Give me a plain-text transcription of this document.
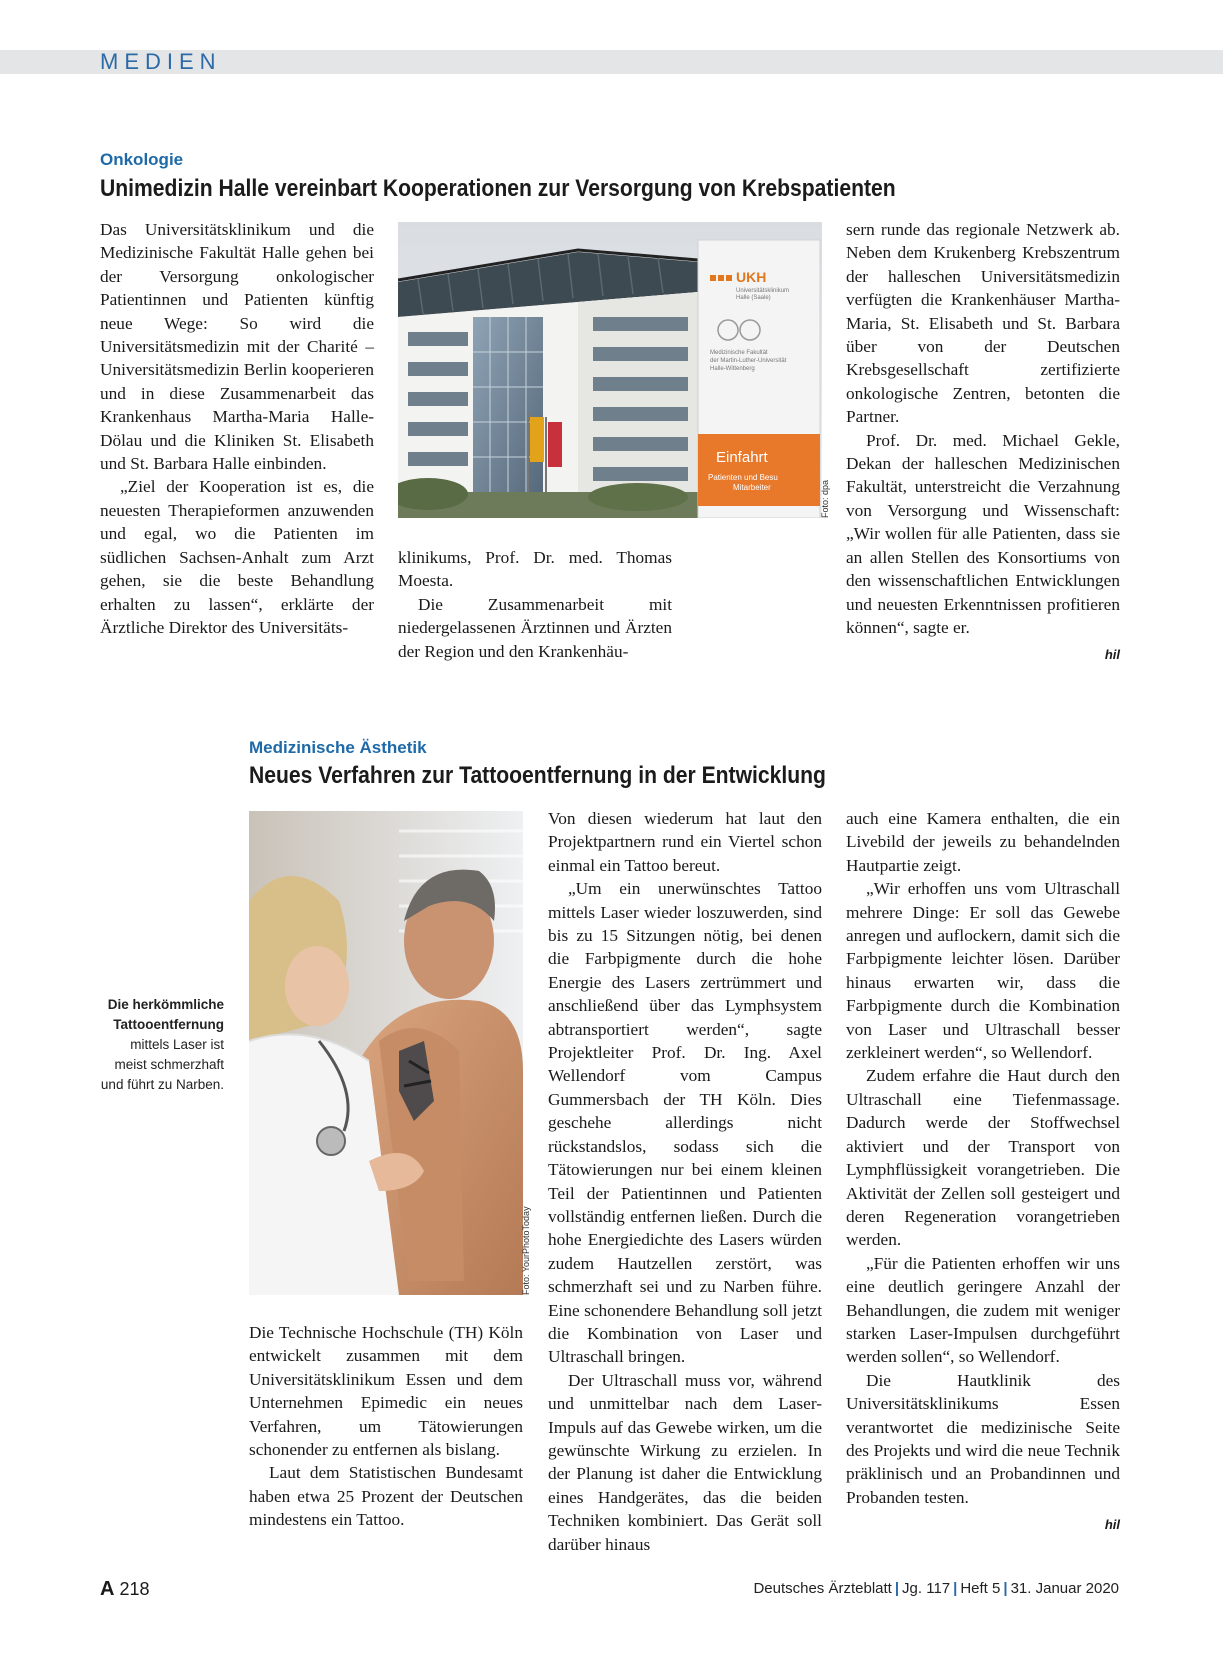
MEDIEN
Onkologie
Unimedizin Halle vereinbart Kooperationen zur Versorgung von Krebspatienten

Das Universitätsklinikum und die Medizinische Fakultät Halle gehen bei der Versorgung onkologischer Patientinnen und Patienten künftig neue Wege: So wird die Universitätsmedizin mit der Charité – Universitätsmedizin Berlin kooperieren und in diese Zusammenarbeit das Krankenhaus Martha-Maria Halle-Dölau und die Kliniken St. Elisabeth und St. Barbara Halle einbinden.

„Ziel der Kooperation ist es, die neuesten Therapieformen anzuwenden und egal, wo die Patienten im südlichen Sachsen-Anhalt zum Arzt gehen, sie die beste Behandlung erhalten zu lassen“, erklärte der Ärztliche Direktor des Universitäts-

UKH
Universitätsklinikum
Halle (Saale)
Medizinische Fakultät
der Martin-Luther-Universität
Halle-Wittenberg
Einfahrt
Patienten und Besu
Mitarbeiter	Foto: dpa

klinikums, Prof. Dr. med. Thomas Moesta.

Die Zusammenarbeit mit niedergelassenen Ärztinnen und Ärzten der Region und den Krankenhäu-

sern runde das regionale Netzwerk ab. Neben dem Krukenberg Krebszentrum der halleschen Universitätsmedizin verfügten die Krankenhäuser Martha-Maria, St. Elisabeth und St. Barbara über von der Deutschen Krebsgesellschaft zertifizierte onkologische Zentren, betonten die Partner.

Prof. Dr. med. Michael Gekle, Dekan der halleschen Medizinischen Fakultät, unterstreicht die Verzahnung von Versorgung und Wissenschaft: „Wir wollen für alle Patienten, dass sie an allen Stellen des Konsortiums von den wissenschaftlichen Entwicklungen und neuesten Erkenntnissen profitieren können“, sagte er.

hil
Medizinische Ästhetik
Neues Verfahren zur Tattooentfernung in der Entwicklung
Die herkömmliche
Tattooentfernung
mittels Laser ist
meist schmerzhaft
und führt zu Narben.
Foto: YourPhotoToday

Die Technische Hochschule (TH) Köln entwickelt zusammen mit dem Universitätsklinikum Essen und dem Unternehmen Epimedic ein neues Verfahren, um Tätowierungen schonender zu entfernen als bislang.

Laut dem Statistischen Bundesamt haben etwa 25 Prozent der Deutschen mindestens ein Tattoo.

Von diesen wiederum hat laut den Projektpartnern rund ein Viertel schon einmal ein Tattoo bereut.

„Um ein unerwünschtes Tattoo mittels Laser wieder loszuwerden, sind bis zu 15 Sitzungen nötig, bei denen die Farbpigmente durch die hohe Energie des Lasers zertrümmert und anschließend über das Lymphsystem abtransportiert werden“, sagte Projektleiter Prof. Dr. Ing. Axel Wellendorf vom Campus Gummersbach der TH Köln. Dies geschehe allerdings nicht rückstandslos, sodass sich die Tätowierungen nur bei einem kleinen Teil der Patientinnen und Patienten vollständig entfernen ließen. Durch die hohe Energiedichte des Lasers würden zudem Hautzellen zerstört, was schmerzhaft sei und zu Narben führe. Eine schonendere Behandlung soll jetzt die Kombination von Laser und Ultraschall bringen.

Der Ultraschall muss vor, während und unmittelbar nach dem Laser-Impuls auf das Gewebe wirken, um die gewünschte Wirkung zu erzielen. In der Planung ist daher die Entwicklung eines Handgerätes, das die beiden Techniken kombiniert. Das Gerät soll darüber hinaus

auch eine Kamera enthalten, die ein Livebild der jeweils zu behandelnden Hautpartie zeigt.

„Wir erhoffen uns vom Ultraschall mehrere Dinge: Er soll das Gewebe anregen und auflockern, damit sich die Farbpigmente leichter lösen. Darüber hinaus erwarten wir, dass die Farbpigmente durch die Kombination von Laser und Ultraschall besser zerkleinert werden“, so Wellendorf.

Zudem erfahre die Haut durch den Ultraschall eine Tiefenmassage. Dadurch werde der Stoffwechsel aktiviert und der Transport von Lymphflüssigkeit vorangetrieben. Die Aktivität der Zellen soll gesteigert und deren Regeneration vorangetrieben werden.

„Für die Patienten erhoffen wir uns eine deutlich geringere Anzahl der Behandlungen, die zudem mit weniger starken Laser-Impulsen durchgeführt werden sollen“, so Wellendorf.

Die Hautklinik des Universitätsklinikums Essen verantwortet die medizinische Seite des Projekts und wird die neue Technik präklinisch und an Probandinnen und Probanden testen.

hil
A 218	Deutsches Ärzteblatt | Jg. 117 | Heft 5 | 31. Januar 2020
